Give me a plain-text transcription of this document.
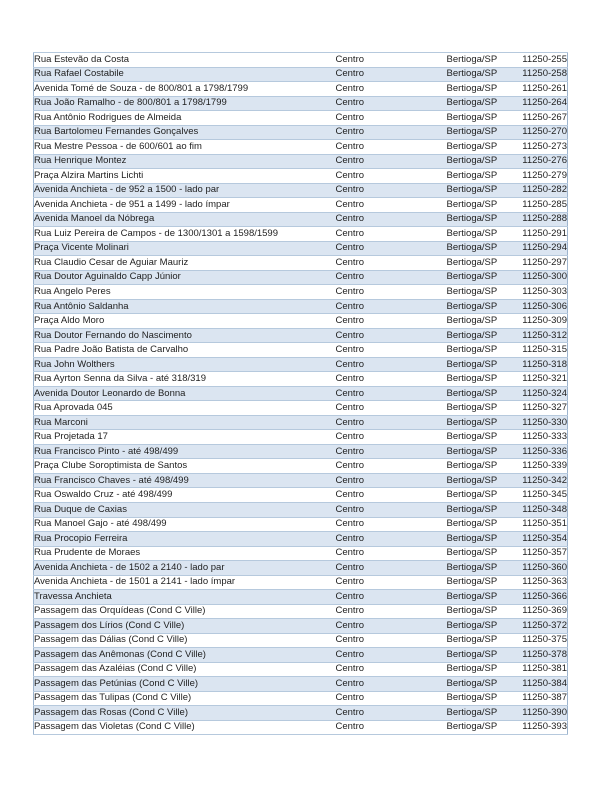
Rua Estevão da Costa	Centro	Bertioga/SP	11250-255
Rua Rafael Costabile	Centro	Bertioga/SP	11250-258
Avenida Tomé de Souza - de 800/801 a 1798/1799	Centro	Bertioga/SP	11250-261
Rua João Ramalho - de 800/801 a 1798/1799	Centro	Bertioga/SP	11250-264
Rua Antônio Rodrigues de Almeida	Centro	Bertioga/SP	11250-267
Rua Bartolomeu Fernandes Gonçalves	Centro	Bertioga/SP	11250-270
Rua Mestre Pessoa - de 600/601 ao fim	Centro	Bertioga/SP	11250-273
Rua Henrique Montez	Centro	Bertioga/SP	11250-276
Praça Alzira Martins Lichti	Centro	Bertioga/SP	11250-279
Avenida Anchieta - de 952 a 1500 - lado par	Centro	Bertioga/SP	11250-282
Avenida Anchieta - de 951 a 1499 - lado ímpar	Centro	Bertioga/SP	11250-285
Avenida Manoel da Nóbrega	Centro	Bertioga/SP	11250-288
Rua Luiz Pereira de Campos - de 1300/1301 a 1598/1599	Centro	Bertioga/SP	11250-291
Praça Vicente Molinari	Centro	Bertioga/SP	11250-294
Rua Claudio Cesar de Aguiar Mauriz	Centro	Bertioga/SP	11250-297
Rua Doutor Aguinaldo Capp Júnior	Centro	Bertioga/SP	11250-300
Rua Angelo Peres	Centro	Bertioga/SP	11250-303
Rua Antônio Saldanha	Centro	Bertioga/SP	11250-306
Praça Aldo Moro	Centro	Bertioga/SP	11250-309
Rua Doutor Fernando do Nascimento	Centro	Bertioga/SP	11250-312
Rua Padre João Batista de Carvalho	Centro	Bertioga/SP	11250-315
Rua John Wolthers	Centro	Bertioga/SP	11250-318
Rua Ayrton Senna da Silva - até 318/319	Centro	Bertioga/SP	11250-321
Avenida Doutor Leonardo de Bonna	Centro	Bertioga/SP	11250-324
Rua Aprovada 045	Centro	Bertioga/SP	11250-327
Rua Marconi	Centro	Bertioga/SP	11250-330
Rua Projetada 17	Centro	Bertioga/SP	11250-333
Rua Francisco Pinto - até 498/499	Centro	Bertioga/SP	11250-336
Praça Clube Soroptimista de Santos	Centro	Bertioga/SP	11250-339
Rua Francisco Chaves - até 498/499	Centro	Bertioga/SP	11250-342
Rua Oswaldo Cruz - até 498/499	Centro	Bertioga/SP	11250-345
Rua Duque de Caxias	Centro	Bertioga/SP	11250-348
Rua Manoel Gajo - até 498/499	Centro	Bertioga/SP	11250-351
Rua Procopio Ferreira	Centro	Bertioga/SP	11250-354
Rua Prudente de Moraes	Centro	Bertioga/SP	11250-357
Avenida Anchieta - de 1502 a 2140 - lado par	Centro	Bertioga/SP	11250-360
Avenida Anchieta - de 1501 a 2141 - lado ímpar	Centro	Bertioga/SP	11250-363
Travessa Anchieta	Centro	Bertioga/SP	11250-366
Passagem das Orquídeas (Cond C Ville)	Centro	Bertioga/SP	11250-369
Passagem dos Lírios (Cond C Ville)	Centro	Bertioga/SP	11250-372
Passagem das Dálias (Cond C Ville)	Centro	Bertioga/SP	11250-375
Passagem das Anêmonas (Cond C Ville)	Centro	Bertioga/SP	11250-378
Passagem das Azaléias (Cond C Ville)	Centro	Bertioga/SP	11250-381
Passagem das Petúnias (Cond C Ville)	Centro	Bertioga/SP	11250-384
Passagem das Tulipas (Cond C Ville)	Centro	Bertioga/SP	11250-387
Passagem das Rosas (Cond C Ville)	Centro	Bertioga/SP	11250-390
Passagem das Violetas (Cond C Ville)	Centro	Bertioga/SP	11250-393
